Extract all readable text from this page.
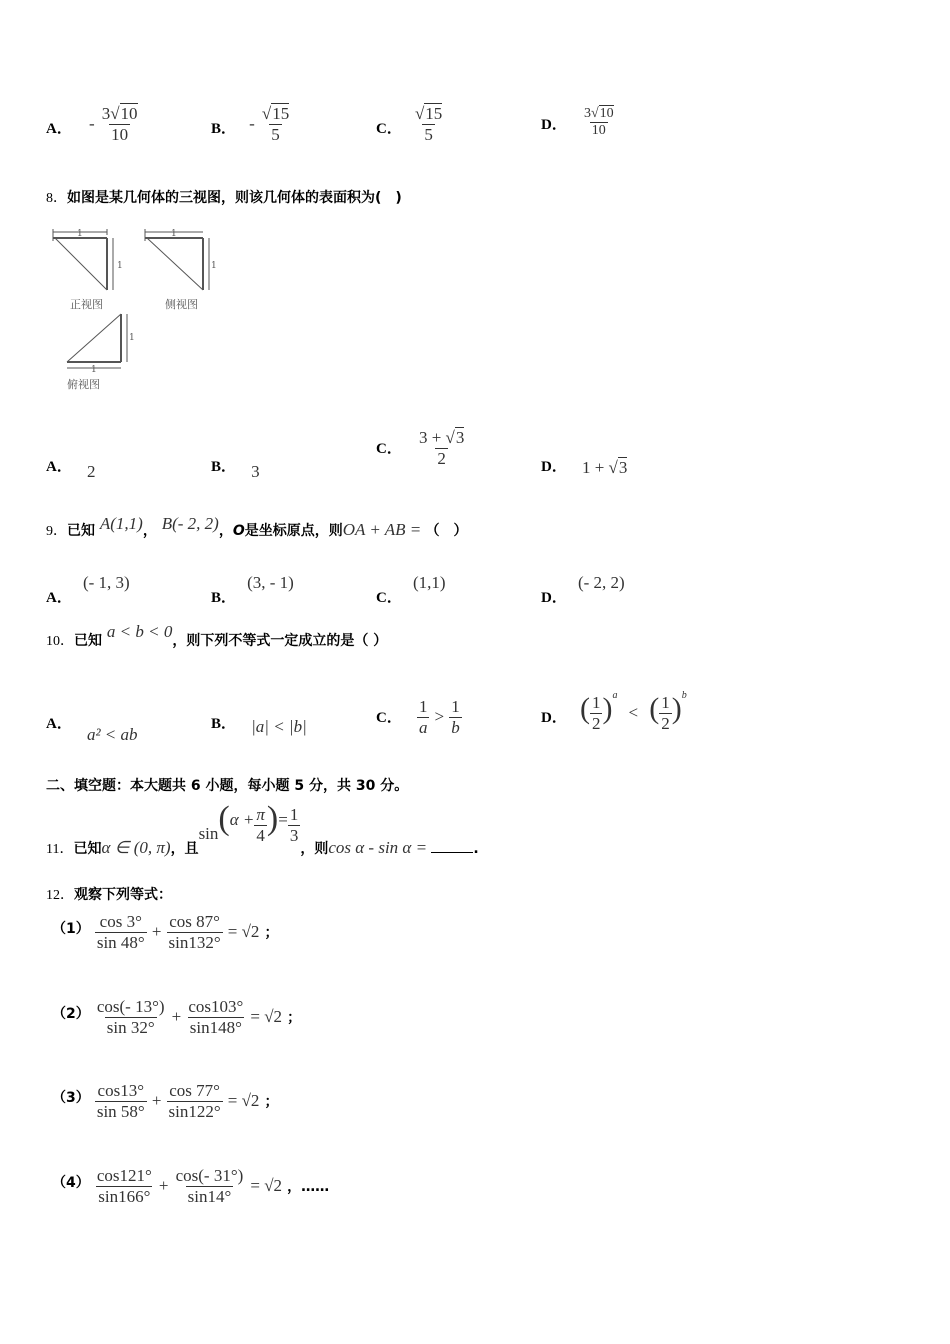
A． - $\frac{3√10}{10}$	B． - $\frac{√15}{5}$	C． $\frac{√15}{5}$	D． $\frac{3√10}{10}$
8．如图是某几何体的三视图，则该几何体的表面积为(　)
1
1
正视图
1
1
侧视图
1
1
俯视图
A． 2	B． 3
C． $\frac{3 + √3}{2}$	D． 1 + √3
9．已知 A(1,1)， B(- 2, 2)，O是坐标原点，则OA + AB = （　）
A． (- 1, 3)
B． (3, - 1)
C． (1,1)
D． (- 2, 2)
10．已知 a < b < 0，则下列不等式一定成立的是（ ）
A． a² < ab
B． |a| < |b|	C． $\frac{1}{a} > \frac{1}{b}$	D． ( $\frac{1}{2} )^a$ < ( $\frac{1}{2} )^b$
二、填空题：本大题共 6 小题，每小题 5 分，共 30 分。
11．已知α ∈ (0, π)，且$\sin(\alpha + \frac{\pi}{4}$ )= $\frac{1}{3}$
，则cos α - sin α =	.
12．观察下列等式：
$(1) \frac{\cos 3^\circ}{\sin 48^\circ} + \frac{\cos 87^\circ}{\sin 132^\circ} = √2$ ；
$(2) \frac{\cos(- 13^\circ)}{\sin 32^\circ} + \frac{\cos 103^\circ}{\sin 148^\circ} = √2$ ；
$(3) \frac{\cos 13^\circ}{\sin 58^\circ} + \frac{\cos 77^\circ}{\sin 122^\circ} = √2$ ；
$(4) \frac{\cos 121^\circ}{\sin 166^\circ} + \frac{\cos(- 31^\circ)}{\sin 14^\circ} = √2$ ，……
